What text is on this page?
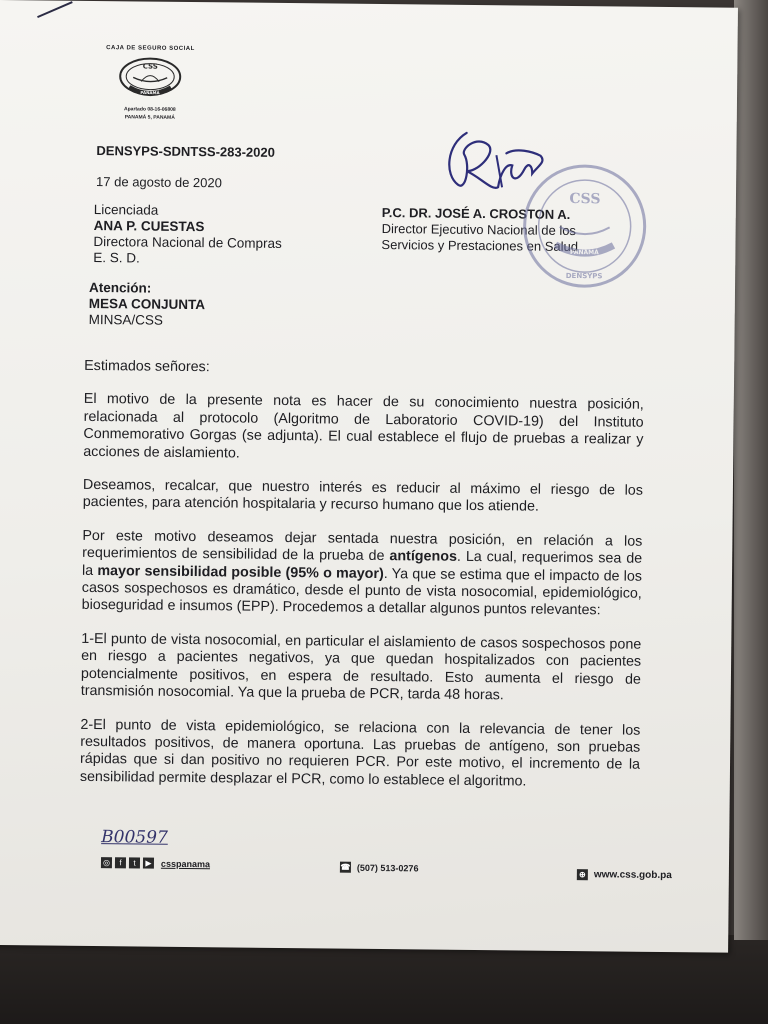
CAJA DE SEGURO SOCIAL
CSS
PANAMÁ
Apartado 08-16-06808
PANAMÁ 5, PANAMÁ
DENSYPS-SDNTSS-283-2020
17 de agosto de 2020
Licenciada
ANA P. CUESTAS
Directora Nacional de Compras
E. S. D.
P.C. DR. JOSÉ A. CROSTON A.
Director Ejecutivo Nacional de los
Servicios y Prestaciones en Salud
CSS
PANAMÁ
DENSYPS
Atención:
MESA CONJUNTA
MINSA/CSS

Estimados señores:

El motivo de la presente nota es hacer de su conocimiento nuestra posición, relacionada al protocolo (Algoritmo de Laboratorio COVID-19) del Instituto Conmemorativo Gorgas (se adjunta). El cual establece el flujo de pruebas a realizar y acciones de aislamiento.

Deseamos, recalcar, que nuestro interés es reducir al máximo el riesgo de los pacientes, para atención hospitalaria y recurso humano que los atiende.

Por este motivo deseamos dejar sentada nuestra posición, en relación a los requerimientos de sensibilidad de la prueba de antígenos. La cual, requerimos sea de la mayor sensibilidad posible (95% o mayor). Ya que se estima que el impacto de los casos sospechosos es dramático, desde el punto de vista nosocomial, epidemiológico, bioseguridad e insumos (EPP). Procedemos a detallar algunos puntos relevantes:

1-El punto de vista nosocomial, en particular el aislamiento de casos sospechosos pone en riesgo a pacientes negativos, ya que quedan hospitalizados con pacientes potencialmente positivos, en espera de resultado. Esto aumenta el riesgo de transmisión nosocomial. Ya que la prueba de PCR, tarda 48 horas.

2-El punto de vista epidemiológico, se relaciona con la relevancia de tener los resultados positivos, de manera oportuna. Las pruebas de antígeno, son pruebas rápidas que si dan positivo no requieren PCR. Por este motivo, el incremento de la sensibilidad permite desplazar el PCR, como lo establece el algoritmo.

B00597
◎	f	t	▶ csspanama	☎ (507) 513-0276
⊕ www.css.gob.pa
